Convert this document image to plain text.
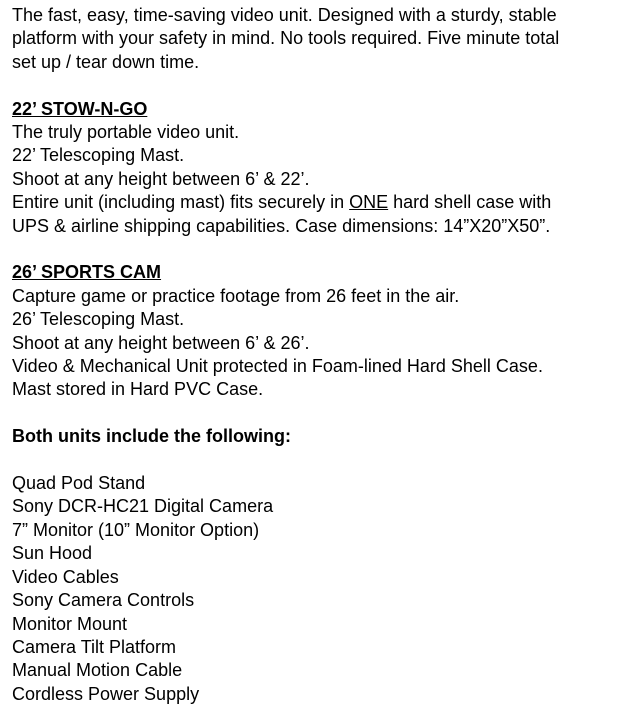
The fast, easy, time-saving video unit. Designed with a sturdy, stable
platform with your safety in mind. No tools required. Five minute total
set up / tear down time.
22’ STOW-N-GO
The truly portable video unit.
22’ Telescoping Mast.
Shoot at any height between 6’ & 22’.
Entire unit (including mast) fits securely in ONE hard shell case with
UPS & airline shipping capabilities. Case dimensions: 14”X20”X50”.
26’ SPORTS CAM
Capture game or practice footage from 26 feet in the air.
26’ Telescoping Mast.
Shoot at any height between 6’ & 26’.
Video & Mechanical Unit protected in Foam-lined Hard Shell Case.
Mast stored in Hard PVC Case.
Both units include the following:
Quad Pod Stand
Sony DCR-HC21 Digital Camera
7” Monitor (10” Monitor Option)
Sun Hood
Video Cables
Sony Camera Controls
Monitor Mount
Camera Tilt Platform
Manual Motion Cable
Cordless Power Supply
